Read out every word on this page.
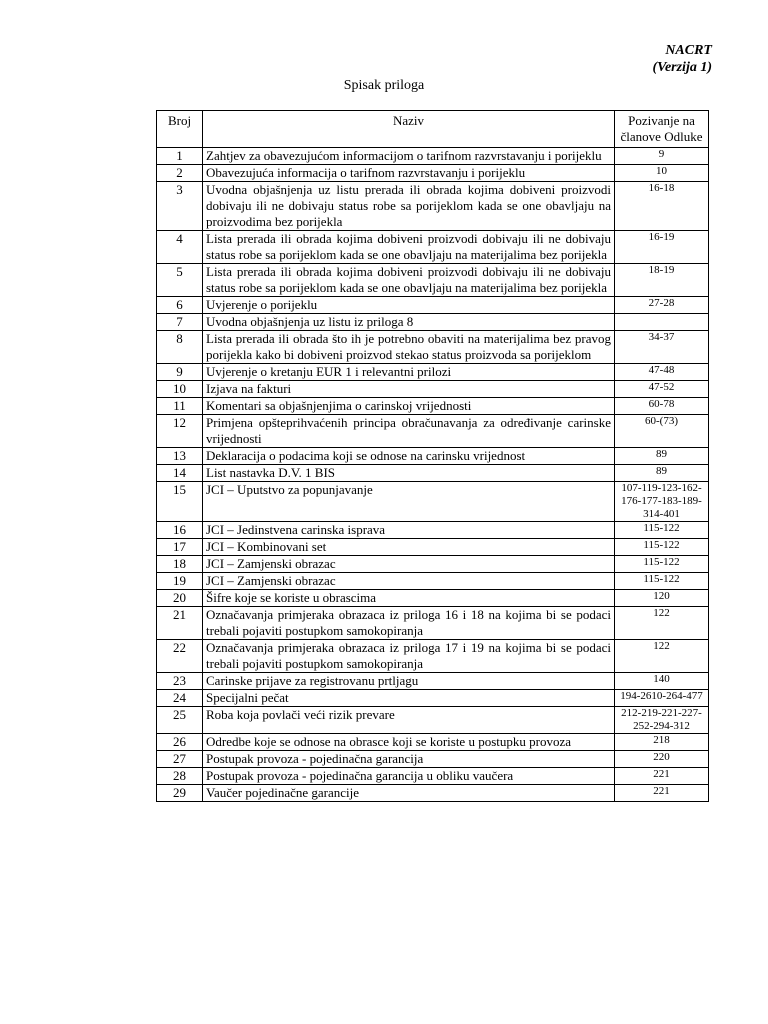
NACRT
(Verzija 1)
Spisak priloga
Broj	Naziv	Pozivanje na članove Odluke
1	Zahtjev za obavezujućom informacijom o tarifnom razvrstavanju i porijeklu	9
2	Obavezujuća informacija o tarifnom razvrstavanju i porijeklu	10
3	Uvodna objašnjenja uz listu prerada ili obrada kojima dobiveni proizvodi dobivaju ili ne dobivaju status robe sa porijeklom kada se one obavljaju na proizvodima bez porijekla	16-18
4	Lista prerada ili obrada kojima dobiveni proizvodi dobivaju ili ne dobivaju status robe sa porijeklom kada se one obavljaju na materijalima bez porijekla	16-19
5	Lista prerada ili obrada kojima dobiveni proizvodi dobivaju ili ne dobivaju status robe sa porijeklom kada se one obavljaju na materijalima bez porijekla	18-19
6	Uvjerenje o porijeklu	27-28
7	Uvodna objašnjenja uz listu iz priloga 8	
8	Lista prerada ili obrada što ih je potrebno obaviti na materijalima bez pravog porijekla kako bi dobiveni proizvod stekao status proizvoda sa porijeklom	34-37
9	Uvjerenje o kretanju EUR 1 i relevantni prilozi	47-48
10	Izjava na fakturi	47-52
11	Komentari sa objašnjenjima o carinskoj vrijednosti	60-78
12	Primjena opšteprihvaćenih principa obračunavanja za određivanje carinske vrijednosti	60-(73)
13	Deklaracija o podacima koji se odnose na carinsku vrijednost	89
14	List nastavka D.V. 1 BIS	89
15	JCI – Uputstvo za popunjavanje	107-119-123-162-176-177-183-189-314-401
16	JCI – Jedinstvena carinska isprava	115-122
17	JCI – Kombinovani set	115-122
18	JCI – Zamjenski obrazac	115-122
19	JCI – Zamjenski obrazac	115-122
20	Šifre koje se koriste u obrascima	120
21	Označavanja primjeraka obrazaca iz priloga 16 i 18 na kojima bi se podaci trebali pojaviti postupkom samokopiranja	122
22	Označavanja primjeraka obrazaca iz priloga 17 i 19 na kojima bi se podaci trebali pojaviti postupkom samokopiranja	122
23	Carinske prijave za registrovanu prtljagu	140
24	Specijalni pečat	194-2610-264-477
25	Roba koja povlači veći rizik prevare	212-219-221-227-252-294-312
26	Odredbe koje se odnose na obrasce koji se koriste u postupku provoza	218
27	Postupak provoza - pojedinačna garancija	220
28	Postupak provoza - pojedinačna garancija u obliku vaučera	221
29	Vaučer pojedinačne garancije	221
